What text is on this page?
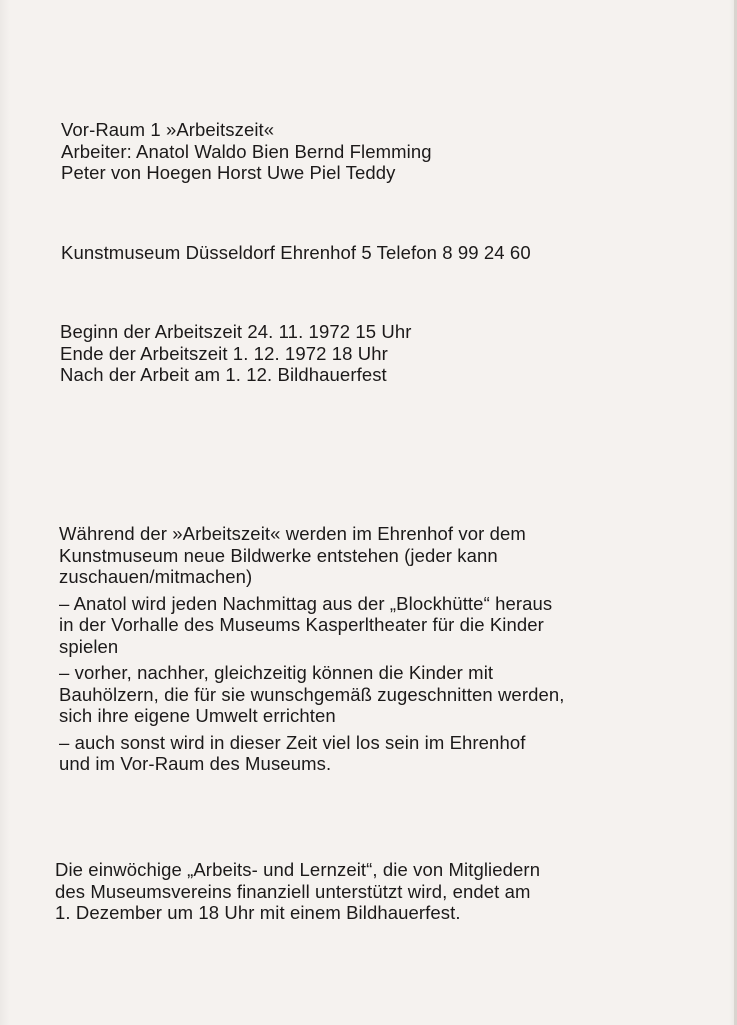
Vor-Raum 1 »Arbeitszeit«

Arbeiter: Anatol Waldo Bien Bernd Flemming

Peter von Hoegen Horst Uwe Piel Teddy

Kunstmuseum Düsseldorf Ehrenhof 5 Telefon 8 99 24 60

Beginn der Arbeitszeit 24. 11. 1972 15 Uhr

Ende der Arbeitszeit 1. 12. 1972 18 Uhr

Nach der Arbeit am 1. 12. Bildhauerfest

Während der »Arbeitszeit« werden im Ehrenhof vor dem

Kunstmuseum neue Bildwerke entstehen (jeder kann

zuschauen/mitmachen)

– Anatol wird jeden Nachmittag aus der „Blockhütte“ heraus

in der Vorhalle des Museums Kasperltheater für die Kinder

spielen

– vorher, nachher, gleichzeitig können die Kinder mit

Bauhölzern, die für sie wunschgemäß zugeschnitten werden,

sich ihre eigene Umwelt errichten

– auch sonst wird in dieser Zeit viel los sein im Ehrenhof

und im Vor-Raum des Museums.

Die einwöchige „Arbeits- und Lernzeit“, die von Mitgliedern

des Museumsvereins finanziell unterstützt wird, endet am

1. Dezember um 18 Uhr mit einem Bildhauerfest.
